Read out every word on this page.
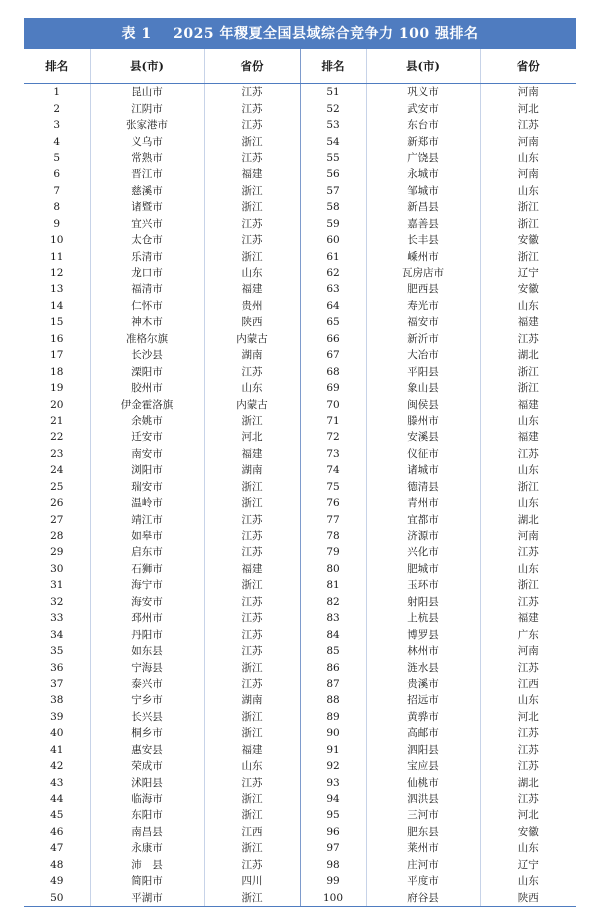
表 1
2025 年稷夏全国县域综合竞争力 100 强排名
排名	县(市)	省份	排名	县(市)	省份
1	昆山市	江苏	51	巩义市	河南
2	江阴市	江苏	52	武安市	河北
3	张家港市	江苏	53	东台市	江苏
4	义乌市	浙江	54	新郑市	河南
5	常熟市	江苏	55	广饶县	山东
6	晋江市	福建	56	永城市	河南
7	慈溪市	浙江	57	邹城市	山东
8	诸暨市	浙江	58	新昌县	浙江
9	宜兴市	江苏	59	嘉善县	浙江
10	太仓市	江苏	60	长丰县	安徽
11	乐清市	浙江	61	嵊州市	浙江
12	龙口市	山东	62	瓦房店市	辽宁
13	福清市	福建	63	肥西县	安徽
14	仁怀市	贵州	64	寿光市	山东
15	神木市	陕西	65	福安市	福建
16	准格尔旗	内蒙古	66	新沂市	江苏
17	长沙县	湖南	67	大冶市	湖北
18	溧阳市	江苏	68	平阳县	浙江
19	胶州市	山东	69	象山县	浙江
20	伊金霍洛旗	内蒙古	70	闽侯县	福建
21	余姚市	浙江	71	滕州市	山东
22	迁安市	河北	72	安溪县	福建
23	南安市	福建	73	仪征市	江苏
24	浏阳市	湖南	74	诸城市	山东
25	瑞安市	浙江	75	德清县	浙江
26	温岭市	浙江	76	青州市	山东
27	靖江市	江苏	77	宜都市	湖北
28	如皋市	江苏	78	济源市	河南
29	启东市	江苏	79	兴化市	江苏
30	石狮市	福建	80	肥城市	山东
31	海宁市	浙江	81	玉环市	浙江
32	海安市	江苏	82	射阳县	江苏
33	邳州市	江苏	83	上杭县	福建
34	丹阳市	江苏	84	博罗县	广东
35	如东县	江苏	85	林州市	河南
36	宁海县	浙江	86	涟水县	江苏
37	泰兴市	江苏	87	贵溪市	江西
38	宁乡市	湖南	88	招远市	山东
39	长兴县	浙江	89	黄骅市	河北
40	桐乡市	浙江	90	高邮市	江苏
41	惠安县	福建	91	泗阳县	江苏
42	荣成市	山东	92	宝应县	江苏
43	沭阳县	江苏	93	仙桃市	湖北
44	临海市	浙江	94	泗洪县	江苏
45	东阳市	浙江	95	三河市	河北
46	南昌县	江西	96	肥东县	安徽
47	永康市	浙江	97	莱州市	山东
48	沛　县	江苏	98	庄河市	辽宁
49	简阳市	四川	99	平度市	山东
50	平湖市	浙江	100	府谷县	陕西
